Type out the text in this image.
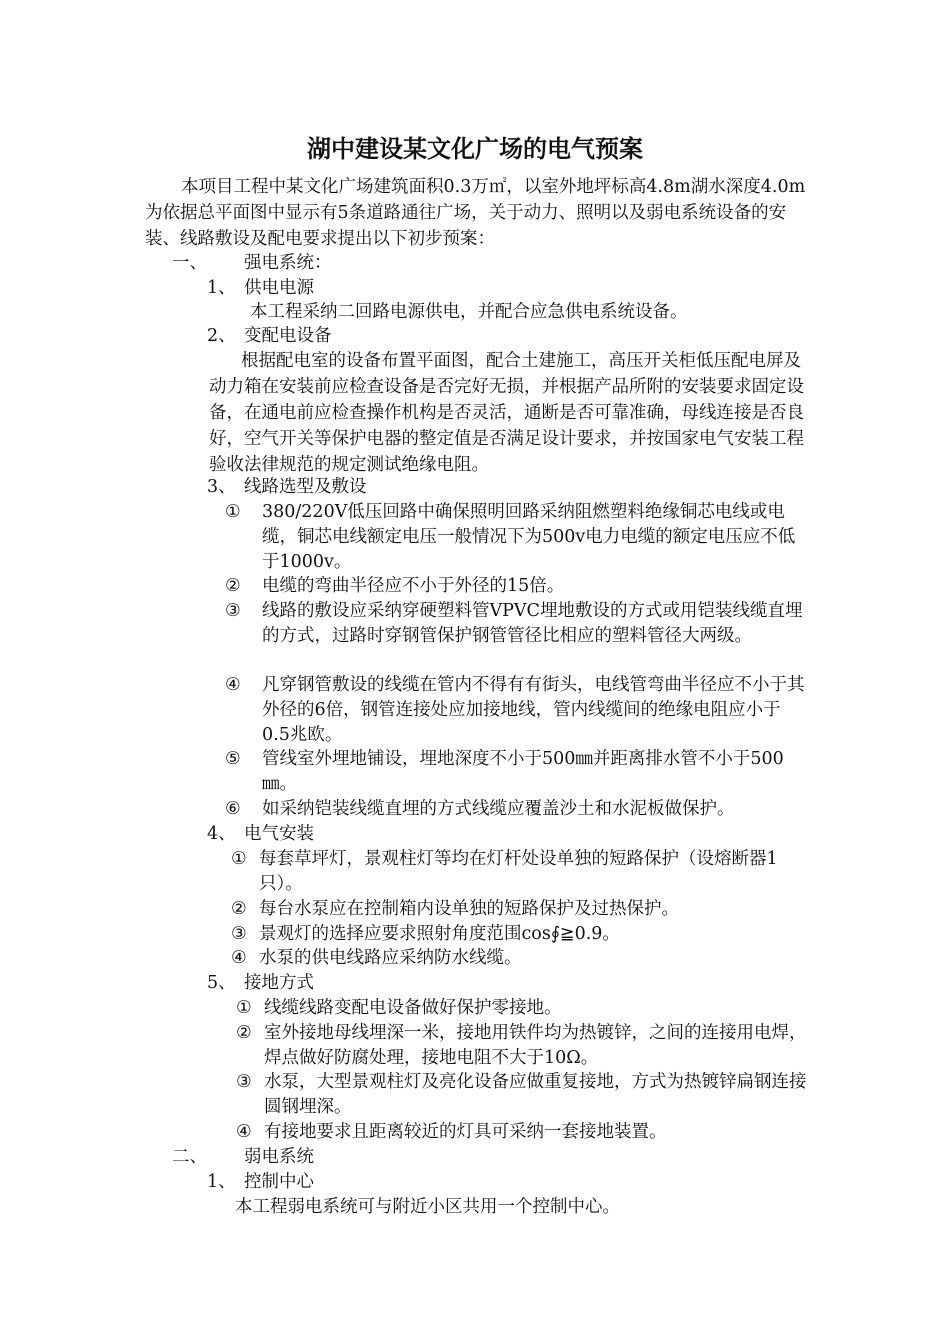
湖中建设某文化广场的电气预案
本项目工程中某文化广场建筑面积0.3万㎡，以室外地坪标高4.8m湖水深度4.0m为依据总平面图中显示有5条道路通往广场，关于动力、照明以及弱电系统设备的安装、线路敷设及配电要求提出以下初步预案：
一、 强电系统：
1、 供电电源
本工程采纳二回路电源供电，并配合应急供电系统设备。
2、 变配电设备
根据配电室的设备布置平面图，配合土建施工，高压开关柜低压配电屏及动力箱在安装前应检查设备是否完好无损，并根据产品所附的安装要求固定设备，在通电前应检查操作机构是否灵活，通断是否可靠准确，母线连接是否良好，空气开关等保护电器的整定值是否满足设计要求，并按国家电气安装工程验收法律规范的规定测试绝缘电阻。
3、 线路选型及敷设
① 380/220V低压回路中确保照明回路采纳阻燃塑料绝缘铜芯电线或电缆，铜芯电线额定电压一般情况下为500v电力电缆的额定电压应不低于1000v。
② 电缆的弯曲半径应不小于外径的15倍。
③ 线路的敷设应采纳穿硬塑料管VPVC埋地敷设的方式或用铠装线缆直埋的方式，过路时穿钢管保护钢管管径比相应的塑料管径大两级。
④ 凡穿钢管敷设的线缆在管内不得有有街头，电线管弯曲半径应不小于其外径的6倍，钢管连接处应加接地线，管内线缆间的绝缘电阻应小于0.5兆欧。
⑤ 管线室外埋地铺设，埋地深度不小于500㎜并距离排水管不小于500㎜。
⑥ 如采纳铠装线缆直埋的方式线缆应覆盖沙土和水泥板做保护。
4、 电气安装
① 每套草坪灯，景观柱灯等均在灯杆处设单独的短路保护（设熔断器1只）。
② 每台水泵应在控制箱内设单独的短路保护及过热保护。
③ 景观灯的选择应要求照射角度范围cos∮≧0.9。
④ 水泵的供电线路应采纳防水线缆。
5、 接地方式
① 线缆线路变配电设备做好保护零接地。
② 室外接地母线埋深一米，接地用铁件均为热镀锌，之间的连接用电焊，焊点做好防腐处理，接地电阻不大于10Ω。
③ 水泵，大型景观柱灯及亮化设备应做重复接地，方式为热镀锌扁钢连接圆钢埋深。
④ 有接地要求且距离较近的灯具可采纳一套接地装置。
二、 弱电系统
1、 控制中心
本工程弱电系统可与附近小区共用一个控制中心。
